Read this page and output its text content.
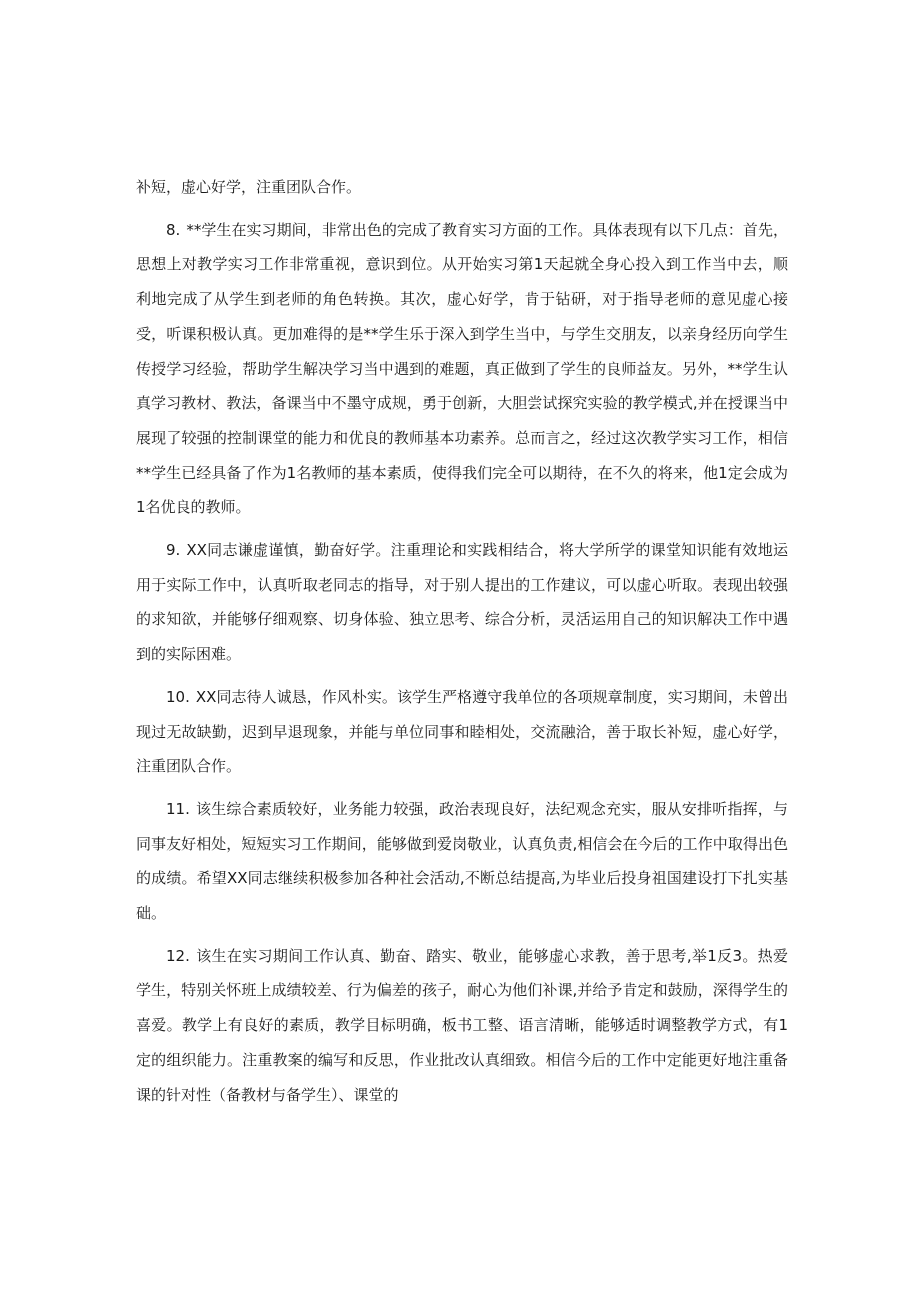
补短，虚心好学，注重团队合作。

8. **学生在实习期间，非常出色的完成了教育实习方面的工作。具体表现有以下几点：首先，思想上对教学实习工作非常重视，意识到位。从开始实习第1天起就全身心投入到工作当中去，顺利地完成了从学生到老师的角色转换。其次，虚心好学，肯于钻研，对于指导老师的意见虚心接受，听课积极认真。更加难得的是**学生乐于深入到学生当中，与学生交朋友，以亲身经历向学生传授学习经验，帮助学生解决学习当中遇到的难题，真正做到了学生的良师益友。另外，**学生认真学习教材、教法，备课当中不墨守成规，勇于创新，大胆尝试探究实验的教学模式,并在授课当中展现了较强的控制课堂的能力和优良的教师基本功素养。总而言之，经过这次教学实习工作，相信**学生已经具备了作为1名教师的基本素质，使得我们完全可以期待，在不久的将来，他1定会成为1名优良的教师。

9. XX同志谦虚谨慎，勤奋好学。注重理论和实践相结合，将大学所学的课堂知识能有效地运用于实际工作中，认真听取老同志的指导，对于别人提出的工作建议，可以虚心听取。表现出较强的求知欲，并能够仔细观察、切身体验、独立思考、综合分析，灵活运用自己的知识解决工作中遇到的实际困难。

10. XX同志待人诚恳，作风朴实。该学生严格遵守我单位的各项规章制度，实习期间，未曾出现过无故缺勤，迟到早退现象，并能与单位同事和睦相处，交流融洽，善于取长补短，虚心好学，注重团队合作。

11. 该生综合素质较好，业务能力较强，政治表现良好，法纪观念充实，服从安排听指挥，与同事友好相处，短短实习工作期间，能够做到爱岗敬业，认真负责,相信会在今后的工作中取得出色的成绩。希望XX同志继续积极参加各种社会活动,不断总结提高,为毕业后投身祖国建设打下扎实基础。

12. 该生在实习期间工作认真、勤奋、踏实、敬业，能够虚心求教，善于思考,举1反3。热爱学生，特别关怀班上成绩较差、行为偏差的孩子，耐心为他们补课,并给予肯定和鼓励，深得学生的喜爱。教学上有良好的素质，教学目标明确，板书工整、语言清晰，能够适时调整教学方式，有1定的组织能力。注重教案的编写和反思，作业批改认真细致。相信今后的工作中定能更好地注重备课的针对性（备教材与备学生）、课堂的
